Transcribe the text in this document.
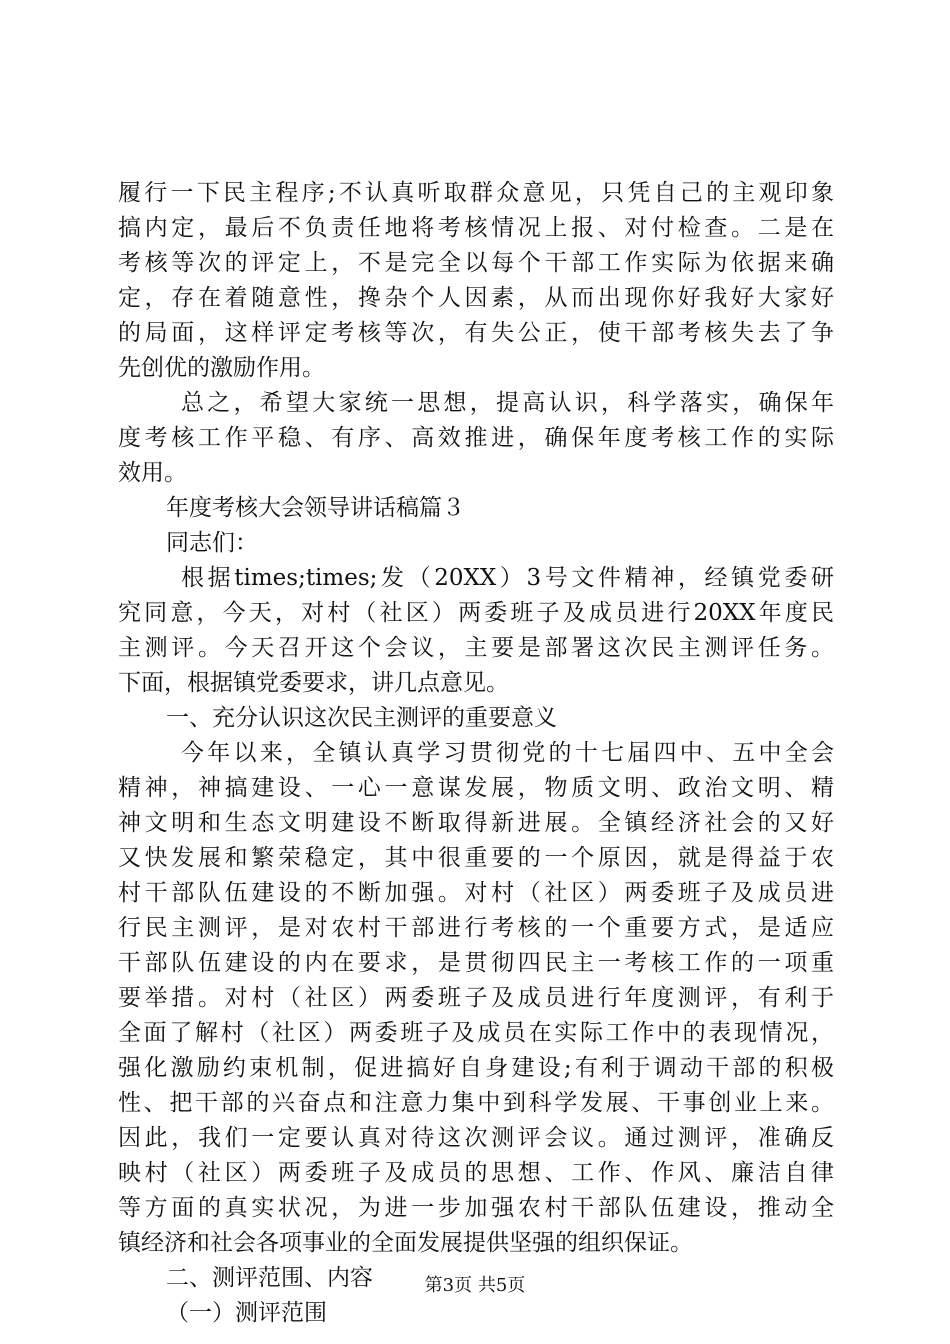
履行一下民主程序;不认真听取群众意见，只凭自己的主观印象
搞内定，最后不负责任地将考核情况上报、对付检查。二是在
考核等次的评定上，不是完全以每个干部工作实际为依据来确
定，存在着随意性，搀杂个人因素，从而出现你好我好大家好
的局面，这样评定考核等次，有失公正，使干部考核失去了争
先创优的激励作用。
总之，希望大家统一思想，提高认识，科学落实，确保年
度考核工作平稳、有序、高效推进，确保年度考核工作的实际
效用。
年度考核大会领导讲话稿篇３
同志们：
根据times;times;发（20XX）3号文件精神，经镇党委研
究同意，今天，对村（社区）两委班子及成员进行20XX年度民
主测评。今天召开这个会议，主要是部署这次民主测评任务。
下面，根据镇党委要求，讲几点意见。
一、充分认识这次民主测评的重要意义
今年以来，全镇认真学习贯彻党的十七届四中、五中全会
精神，神搞建设、一心一意谋发展，物质文明、政治文明、精
神文明和生态文明建设不断取得新进展。全镇经济社会的又好
又快发展和繁荣稳定，其中很重要的一个原因，就是得益于农
村干部队伍建设的不断加强。对村（社区）两委班子及成员进
行民主测评，是对农村干部进行考核的一个重要方式，是适应
干部队伍建设的内在要求，是贯彻四民主一考核工作的一项重
要举措。对村（社区）两委班子及成员进行年度测评，有利于
全面了解村（社区）两委班子及成员在实际工作中的表现情况，
强化激励约束机制，促进搞好自身建设;有利于调动干部的积极
性、把干部的兴奋点和注意力集中到科学发展、干事创业上来。
因此，我们一定要认真对待这次测评会议。通过测评，准确反
映村（社区）两委班子及成员的思想、工作、作风、廉洁自律
等方面的真实状况，为进一步加强农村干部队伍建设，推动全
镇经济和社会各项事业的全面发展提供坚强的组织保证。
二、测评范围、内容
（一）测评范围
第3页 共5页
